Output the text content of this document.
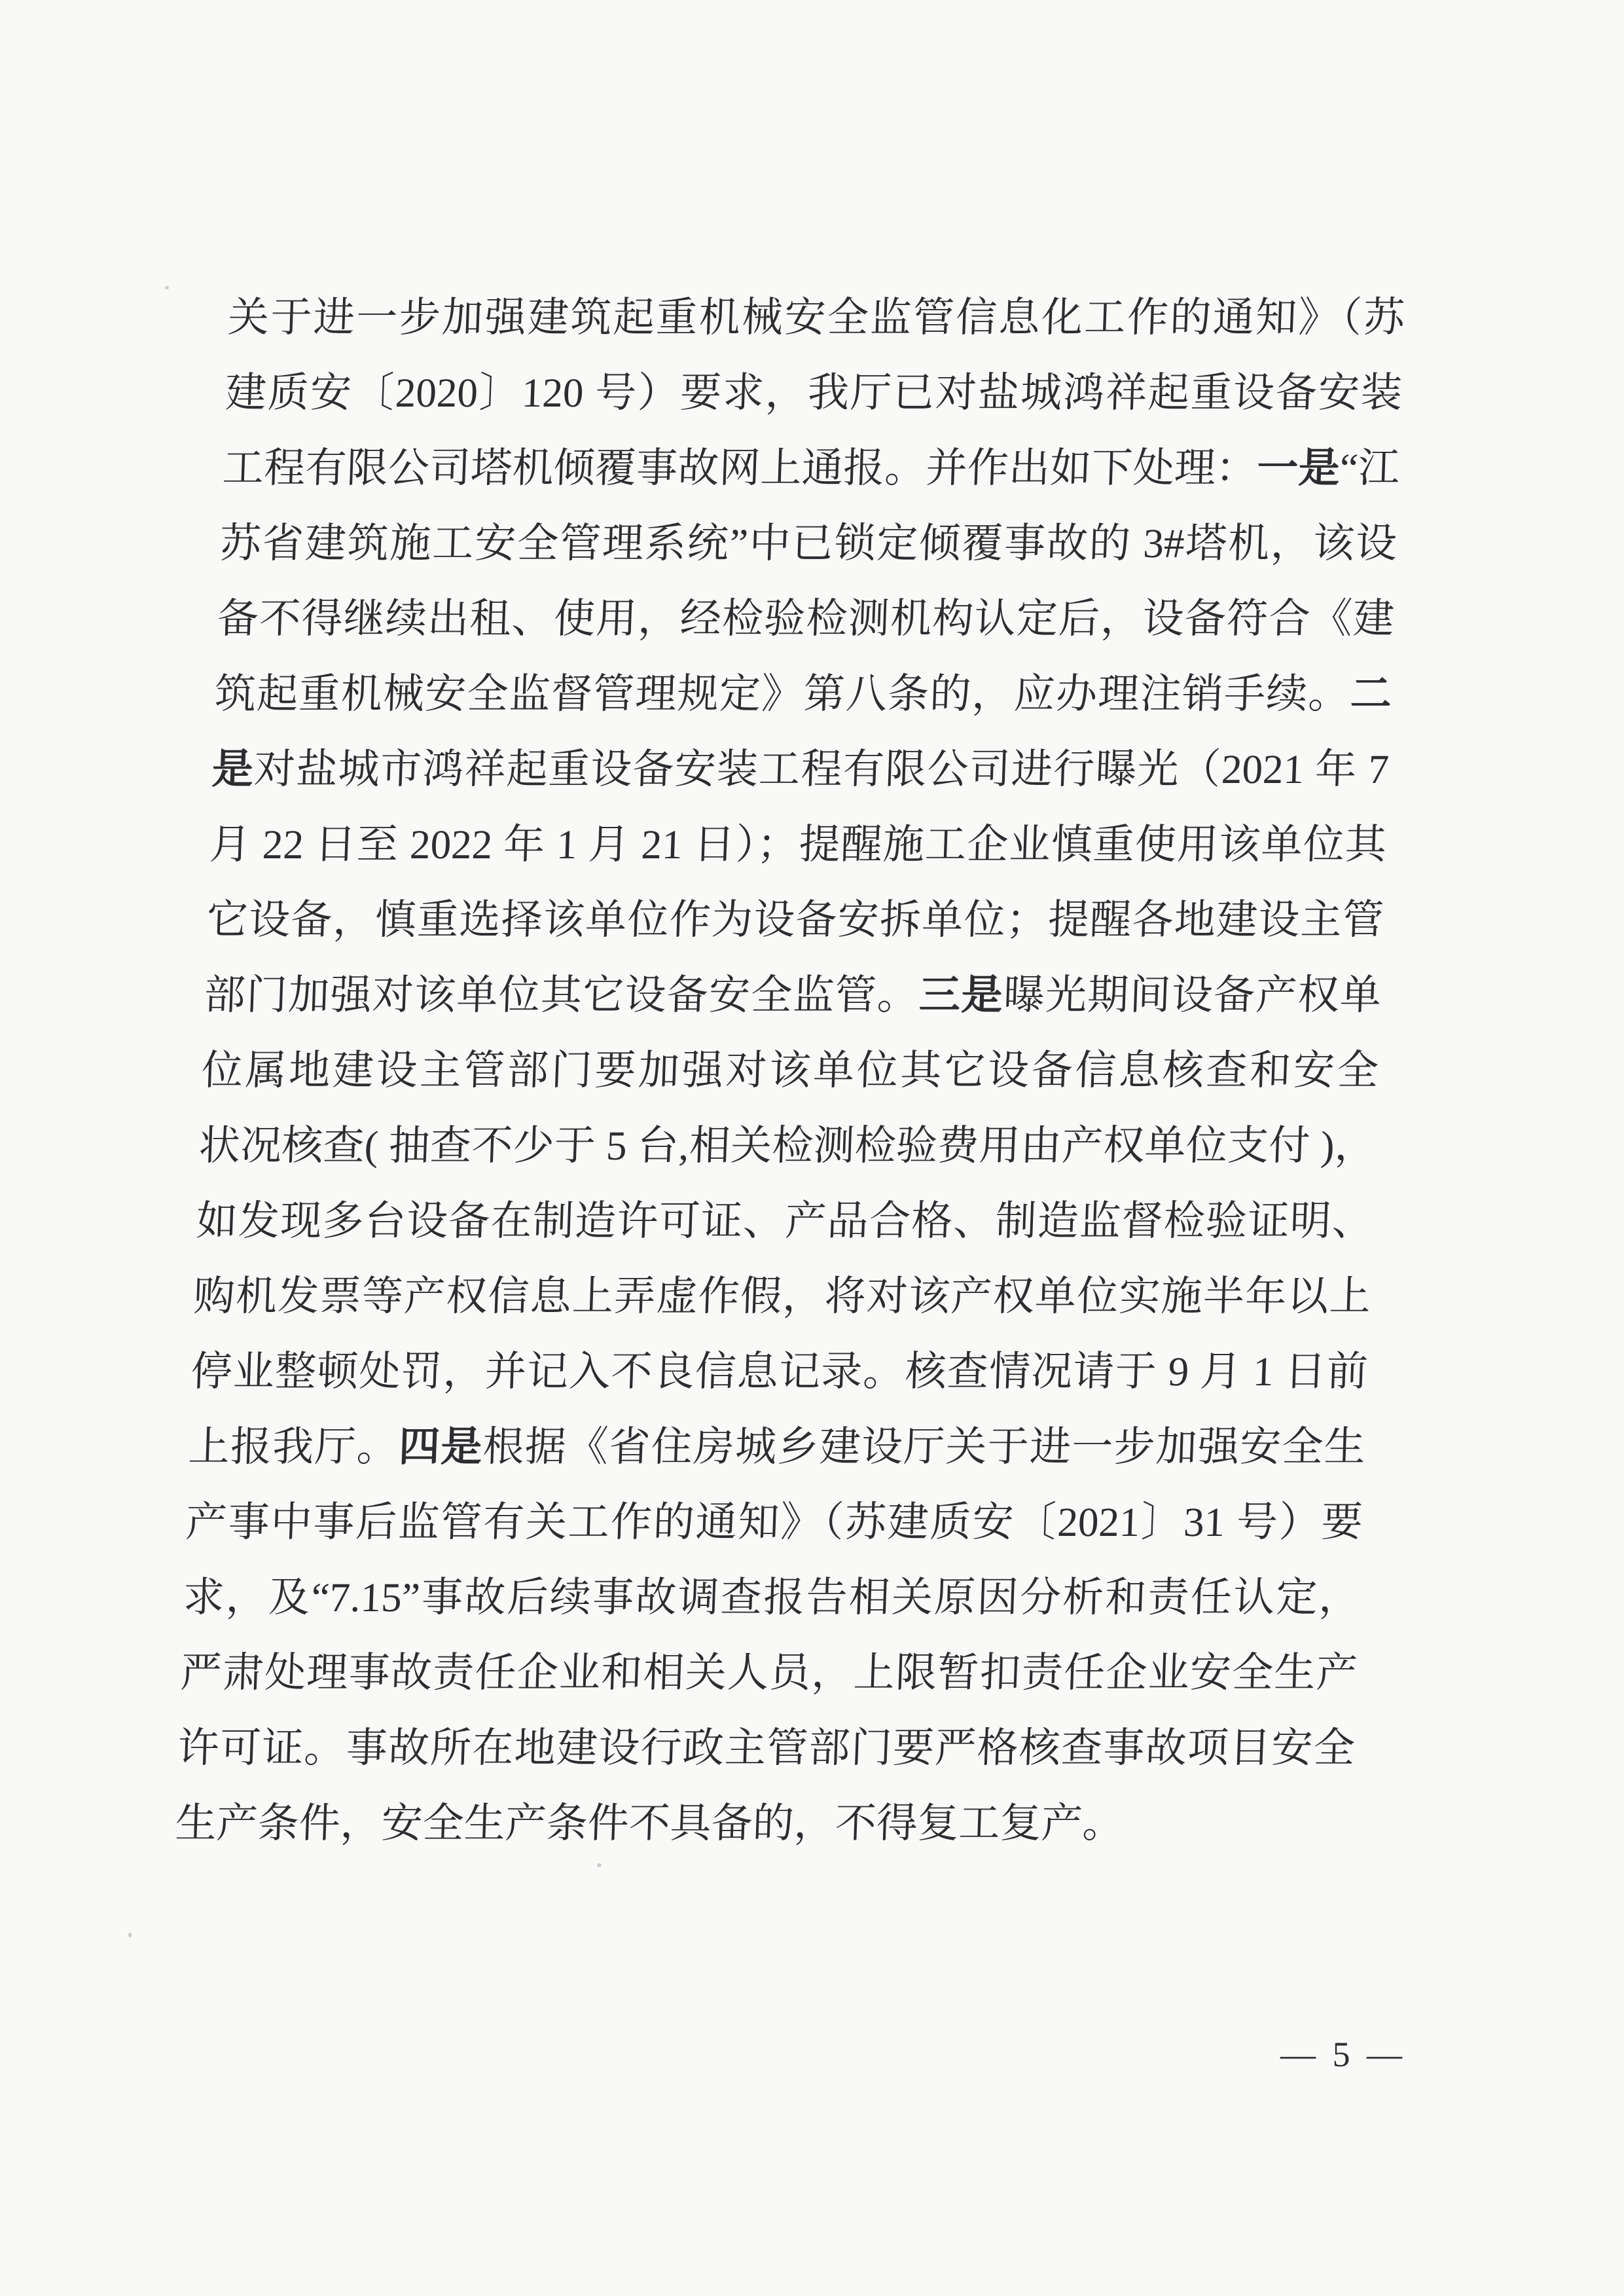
关于进一步加强建筑起重机械安全监管信息化工作的通知》（苏
建质安〔2020〕120 号）要求，我厅已对盐城鸿祥起重设备安装
工程有限公司塔机倾覆事故网上通报。并作出如下处理：一是“江
苏省建筑施工安全管理系统”中已锁定倾覆事故的 3#塔机，该设
备不得继续出租、使用，经检验检测机构认定后，设备符合《建
筑起重机械安全监督管理规定》第八条的，应办理注销手续。二
是对盐城市鸿祥起重设备安装工程有限公司进行曝光（2021 年 7
月 22 日至 2022 年 1 月 21 日）；提醒施工企业慎重使用该单位其
它设备，慎重选择该单位作为设备安拆单位；提醒各地建设主管
部门加强对该单位其它设备安全监管。三是曝光期间设备产权单
位属地建设主管部门要加强对该单位其它设备信息核查和安全
状况核查( 抽查不少于 5 台,相关检测检验费用由产权单位支付 )，
如发现多台设备在制造许可证、产品合格、制造监督检验证明、
购机发票等产权信息上弄虚作假，将对该产权单位实施半年以上
停业整顿处罚，并记入不良信息记录。核查情况请于 9 月 1 日前
上报我厅。四是根据《省住房城乡建设厅关于进一步加强安全生
产事中事后监管有关工作的通知》（苏建质安〔2021〕31 号）要
求，及“7.15”事故后续事故调查报告相关原因分析和责任认定，
严肃处理事故责任企业和相关人员，上限暂扣责任企业安全生产
许可证。事故所在地建设行政主管部门要严格核查事故项目安全
生产条件，安全生产条件不具备的，不得复工复产。
— 5 —
